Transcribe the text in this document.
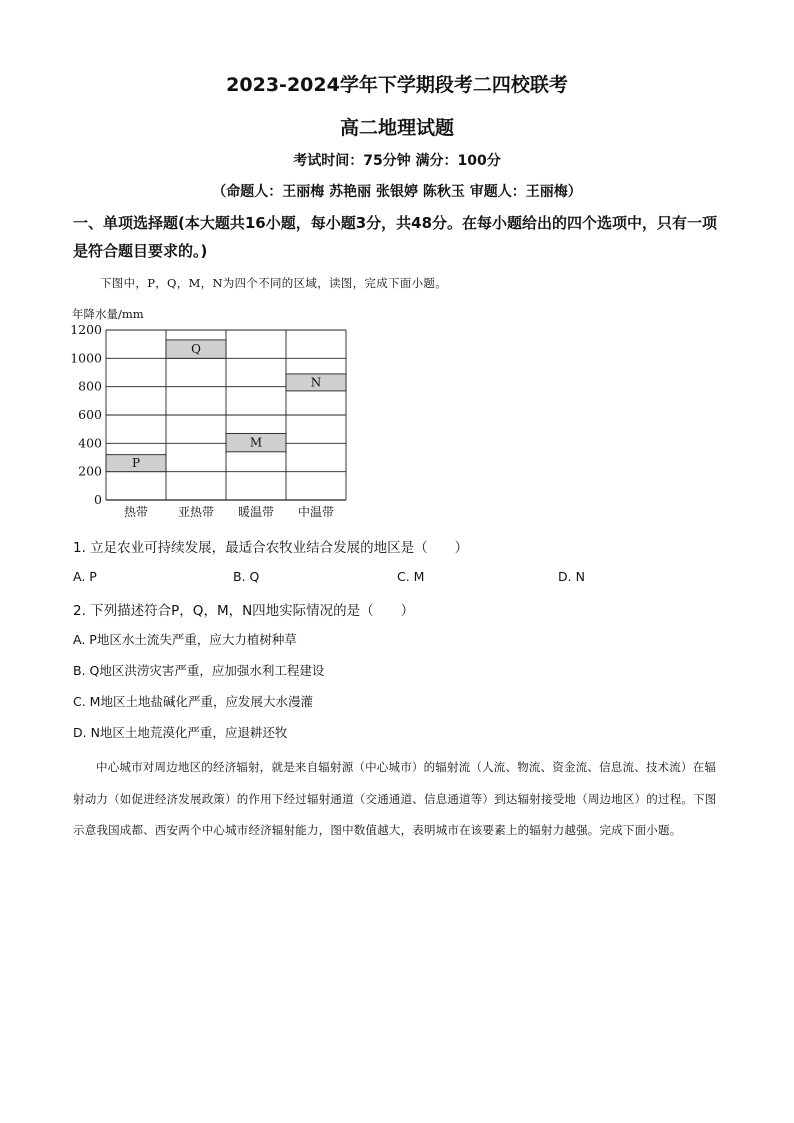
2023-2024学年下学期段考二四校联考
高二地理试题
考试时间：75分钟 满分：100分
（命题人：王丽梅 苏艳丽 张银婷 陈秋玉 审题人：王丽梅）
一、单项选择题(本大题共16小题，每小题3分，共48分。在每小题给出的四个选项中，只有一项是符合题目要求的。)
下图中，P，Q，M，N为四个不同的区域，读图，完成下面小题。
年降水量/mm
P
Q
M
N
0
200
400
600
800
1000
1200
热带 亚热带 暖温带 中温带
1. 立足农业可持续发展，最适合农牧业结合发展的地区是（　　）
A. P	B. Q	C. M	D. N
2. 下列描述符合P，Q，M，N四地实际情况的是（　　）
A. P地区水土流失严重，应大力植树种草
B. Q地区洪涝灾害严重，应加强水利工程建设
C. M地区土地盐碱化严重，应发展大水漫灌
D. N地区土地荒漠化严重，应退耕还牧
中心城市对周边地区的经济辐射，就是来自辐射源（中心城市）的辐射流（人流、物流、资金流、信息流、技术流）在辐射动力（如促进经济发展政策）的作用下经过辐射通道（交通通道、信息通道等）到达辐射接受地（周边地区）的过程。下图示意我国成都、西安两个中心城市经济辐射能力，图中数值越大，表明城市在该要素上的辐射力越强。完成下面小题。
